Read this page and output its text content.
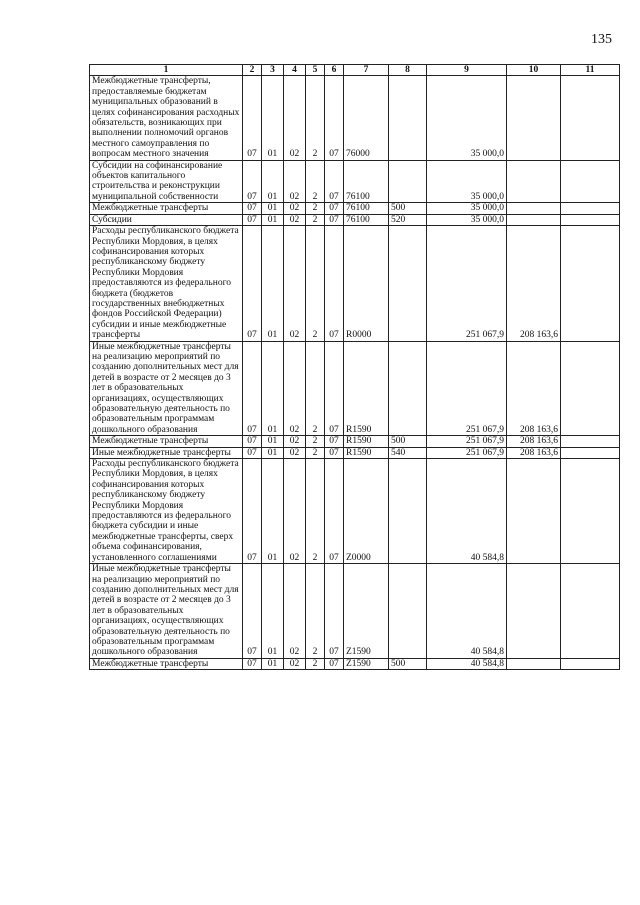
135
1	2	3	4	5	6	7	8	9	10	11
Межбюджетные трансферты, предоставляемые бюджетам муниципальных образований в целях софинансирования расходных обязательств, возникающих при выполнении полномочий органов местного самоуправления по вопросам местного значения	07	01	02	2	07	76000		35 000,0		
Субсидии на софинансирование объектов капитального строительства и реконструкции муниципальной собственности	07	01	02	2	07	76100		35 000,0		
Межбюджетные трансферты	07	01	02	2	07	76100	500	35 000,0		
Субсидии	07	01	02	2	07	76100	520	35 000,0		
Расходы республиканского бюджета Республики Мордовия, в целях софинансирования которых республиканскому бюджету Республики Мордовия предоставляются из федерального бюджета (бюджетов государственных внебюджетных фондов Российской Федерации) субсидии и иные межбюджетные трансферты	07	01	02	2	07	R0000		251 067,9	208 163,6	
Иные межбюджетные трансферты на реализацию мероприятий по созданию дополнительных мест для детей в возрасте от 2 месяцев до 3 лет в образовательных организациях, осуществляющих образовательную деятельность по образовательным программам дошкольного образования	07	01	02	2	07	R1590		251 067,9	208 163,6	
Межбюджетные трансферты	07	01	02	2	07	R1590	500	251 067,9	208 163,6	
Иные межбюджетные трансферты	07	01	02	2	07	R1590	540	251 067,9	208 163,6	
Расходы республиканского бюджета Республики Мордовия, в целях софинансирования которых республиканскому бюджету Республики Мордовия предоставляются из федерального бюджета субсидии и иные межбюджетные трансферты, сверх объема софинансирования, установленного соглашениями	07	01	02	2	07	Z0000		40 584,8		
Иные межбюджетные трансферты на реализацию мероприятий по созданию дополнительных мест для детей в возрасте от 2 месяцев до 3 лет в образовательных организациях, осуществляющих образовательную деятельность по образовательным программам дошкольного образования	07	01	02	2	07	Z1590		40 584,8		
Межбюджетные трансферты	07	01	02	2	07	Z1590	500	40 584,8		
